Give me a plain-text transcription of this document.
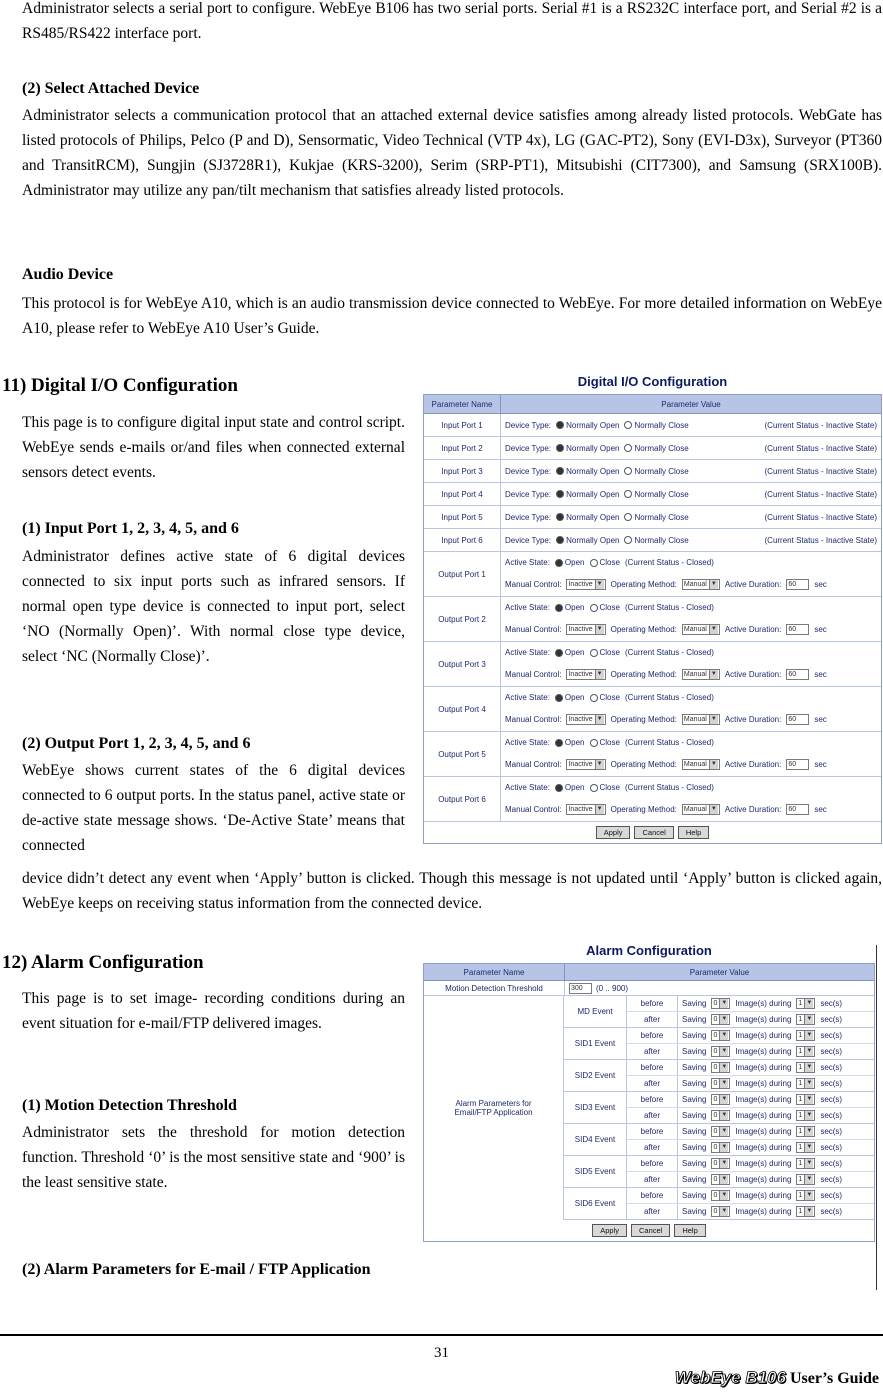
Administrator selects a serial port to configure. WebEye B106 has two serial ports. Serial #1 is a RS232C interface port, and Serial #2 is a RS485/RS422 interface port.

(2) Select Attached Device

Administrator selects a communication protocol that an attached external device satisfies among already listed protocols. WebGate has listed protocols of Philips, Pelco (P and D), Sensormatic, Video Technical (VTP 4x), LG (GAC-PT2), Sony (EVI-D3x), Surveyor (PT360 and TransitRCM), Sungjin (SJ3728R1), Kukjae (KRS-3200), Serim (SRP-PT1), Mitsubishi (CIT7300), and Samsung (SRX100B). Administrator may utilize any pan/tilt mechanism that satisfies already listed protocols.

Audio Device

This protocol is for WebEye A10, which is an audio transmission device connected to WebEye. For more detailed information on WebEye A10, please refer to WebEye A10 User’s Guide.

11) Digital I/O Configuration

This page is to configure digital input state and control script. WebEye sends e-mails or/and files when connected external sensors detect events.

(1) Input Port 1, 2, 3, 4, 5, and 6

Administrator defines active state of 6 digital devices connected to six input ports such as infrared sensors. If normal open type device is connected to input port, select ‘NO (Normally Open)’. With normal close type device, select ‘NC (Normally Close)’.

(2) Output Port 1, 2, 3, 4, 5, and 6

WebEye shows current states of the 6 digital devices connected to 6 output ports. In the status panel, active state or de-active state message shows. ‘De-Active State’ means that connected

device didn’t detect any event when ‘Apply’ button is clicked. Though this message is not updated until ‘Apply’ button is clicked again, WebEye keeps on receiving status information from the connected device.

12) Alarm Configuration

This page is to set image- recording conditions during an event situation for e-mail/FTP delivered images.

(1) Motion Detection Threshold

Administrator sets the threshold for motion detection function. Threshold ‘0’ is the most sensitive state and ‘900’ is the least sensitive state.

(2) Alarm Parameters for E-mail / FTP Application

Digital I/O Configuration
Parameter Name	Parameter Value
Input Port 1	Device Type:	Normally Open	Normally Close	(Current Status - Inactive State)
Input Port 2	Device Type:	Normally Open	Normally Close	(Current Status - Inactive State)
Input Port 3	Device Type:	Normally Open	Normally Close	(Current Status - Inactive State)
Input Port 4	Device Type:	Normally Open	Normally Close	(Current Status - Inactive State)
Input Port 5	Device Type:	Normally Open	Normally Close	(Current Status - Inactive State)
Input Port 6	Device Type:	Normally Open	Normally Close	(Current Status - Inactive State)
Output Port 1
Active State:	Open	Close (Current Status - Closed)
Manual Control: Inactive ▼ Operating Method: Manual ▼ Active Duration: 60	sec
Output Port 2
Active State:	Open	Close (Current Status - Closed)
Manual Control: Inactive ▼ Operating Method: Manual ▼ Active Duration: 60	sec
Output Port 3
Active State:	Open	Close (Current Status - Closed)
Manual Control: Inactive ▼ Operating Method: Manual ▼ Active Duration: 60	sec
Output Port 4
Active State:	Open	Close (Current Status - Closed)
Manual Control: Inactive ▼ Operating Method: Manual ▼ Active Duration: 60	sec
Output Port 5
Active State:	Open	Close (Current Status - Closed)
Manual Control: Inactive ▼ Operating Method: Manual ▼ Active Duration: 60	sec
Output Port 6
Active State:	Open	Close (Current Status - Closed)
Manual Control: Inactive ▼ Operating Method: Manual ▼ Active Duration: 60	sec
Apply	Cancel	Help
Alarm Configuration
Parameter Name	Parameter Value
Motion Detection Threshold	300	(0 .. 900)
Alarm Parameters for Email/FTP Application
MD Event
before	Saving 0 ▼ Image(s) during 1 ▼ sec(s)
after	Saving 0 ▼ Image(s) during 1 ▼ sec(s)
SID1 Event
before	Saving 0 ▼ Image(s) during 1 ▼ sec(s)
after	Saving 0 ▼ Image(s) during 1 ▼ sec(s)
SID2 Event
before	Saving 0 ▼ Image(s) during 1 ▼ sec(s)
after	Saving 0 ▼ Image(s) during 1 ▼ sec(s)
SID3 Event
before	Saving 0 ▼ Image(s) during 1 ▼ sec(s)
after	Saving 0 ▼ Image(s) during 1 ▼ sec(s)
SID4 Event
before	Saving 0 ▼ Image(s) during 1 ▼ sec(s)
after	Saving 0 ▼ Image(s) during 1 ▼ sec(s)
SID5 Event
before	Saving 0 ▼ Image(s) during 1 ▼ sec(s)
after	Saving 0 ▼ Image(s) during 1 ▼ sec(s)
SID6 Event
before	Saving 0 ▼ Image(s) during 1 ▼ sec(s)
after	Saving 0 ▼ Image(s) during 1 ▼ sec(s)
Apply	Cancel	Help
31
WebEye B106 User’s Guide
